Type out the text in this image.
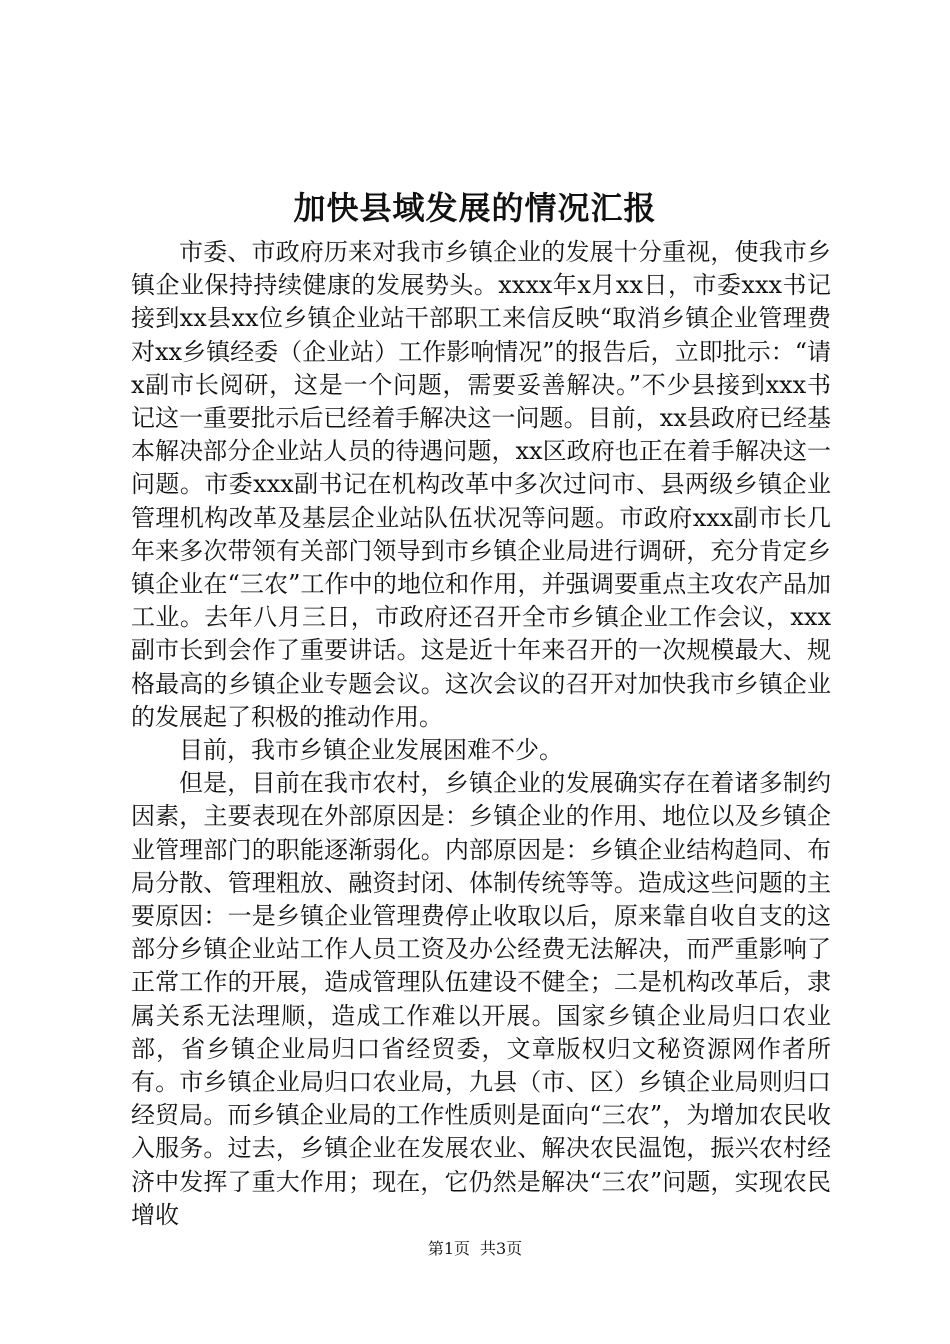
加快县域发展的情况汇报

市委、市政府历来对我市乡镇企业的发展十分重视，使我市乡镇企业保持持续健康的发展势头。xxxx年x月xx日，市委xxx书记接到xx县xx位乡镇企业站干部职工来信反映“取消乡镇企业管理费对xx乡镇经委（企业站）工作影响情况”的报告后，立即批示：“请x副市长阅研，这是一个问题，需要妥善解决。”不少县接到xxx书记这一重要批示后已经着手解决这一问题。目前，xx县政府已经基本解决部分企业站人员的待遇问题，xx区政府也正在着手解决这一问题。市委xxx副书记在机构改革中多次过问市、县两级乡镇企业管理机构改革及基层企业站队伍状况等问题。市政府xxx副市长几年来多次带领有关部门领导到市乡镇企业局进行调研，充分肯定乡镇企业在“三农”工作中的地位和作用，并强调要重点主攻农产品加工业。去年八月三日，市政府还召开全市乡镇企业工作会议，xxx副市长到会作了重要讲话。这是近十年来召开的一次规模最大、规格最高的乡镇企业专题会议。这次会议的召开对加快我市乡镇企业的发展起了积极的推动作用。

目前，我市乡镇企业发展困难不少。

但是，目前在我市农村，乡镇企业的发展确实存在着诸多制约因素，主要表现在外部原因是：乡镇企业的作用、地位以及乡镇企业管理部门的职能逐渐弱化。内部原因是：乡镇企业结构趋同、布局分散、管理粗放、融资封闭、体制传统等等。造成这些问题的主要原因：一是乡镇企业管理费停止收取以后，原来靠自收自支的这部分乡镇企业站工作人员工资及办公经费无法解决，而严重影响了正常工作的开展，造成管理队伍建设不健全；二是机构改革后，隶属关系无法理顺，造成工作难以开展。国家乡镇企业局归口农业部，省乡镇企业局归口省经贸委，文章版权归文秘资源网作者所有。市乡镇企业局归口农业局，九县（市、区）乡镇企业局则归口经贸局。而乡镇企业局的工作性质则是面向“三农”，为增加农民收入服务。过去，乡镇企业在发展农业、解决农民温饱，振兴农村经济中发挥了重大作用；现在，它仍然是解决“三农”问题，实现农民增收

第1页 共3页
